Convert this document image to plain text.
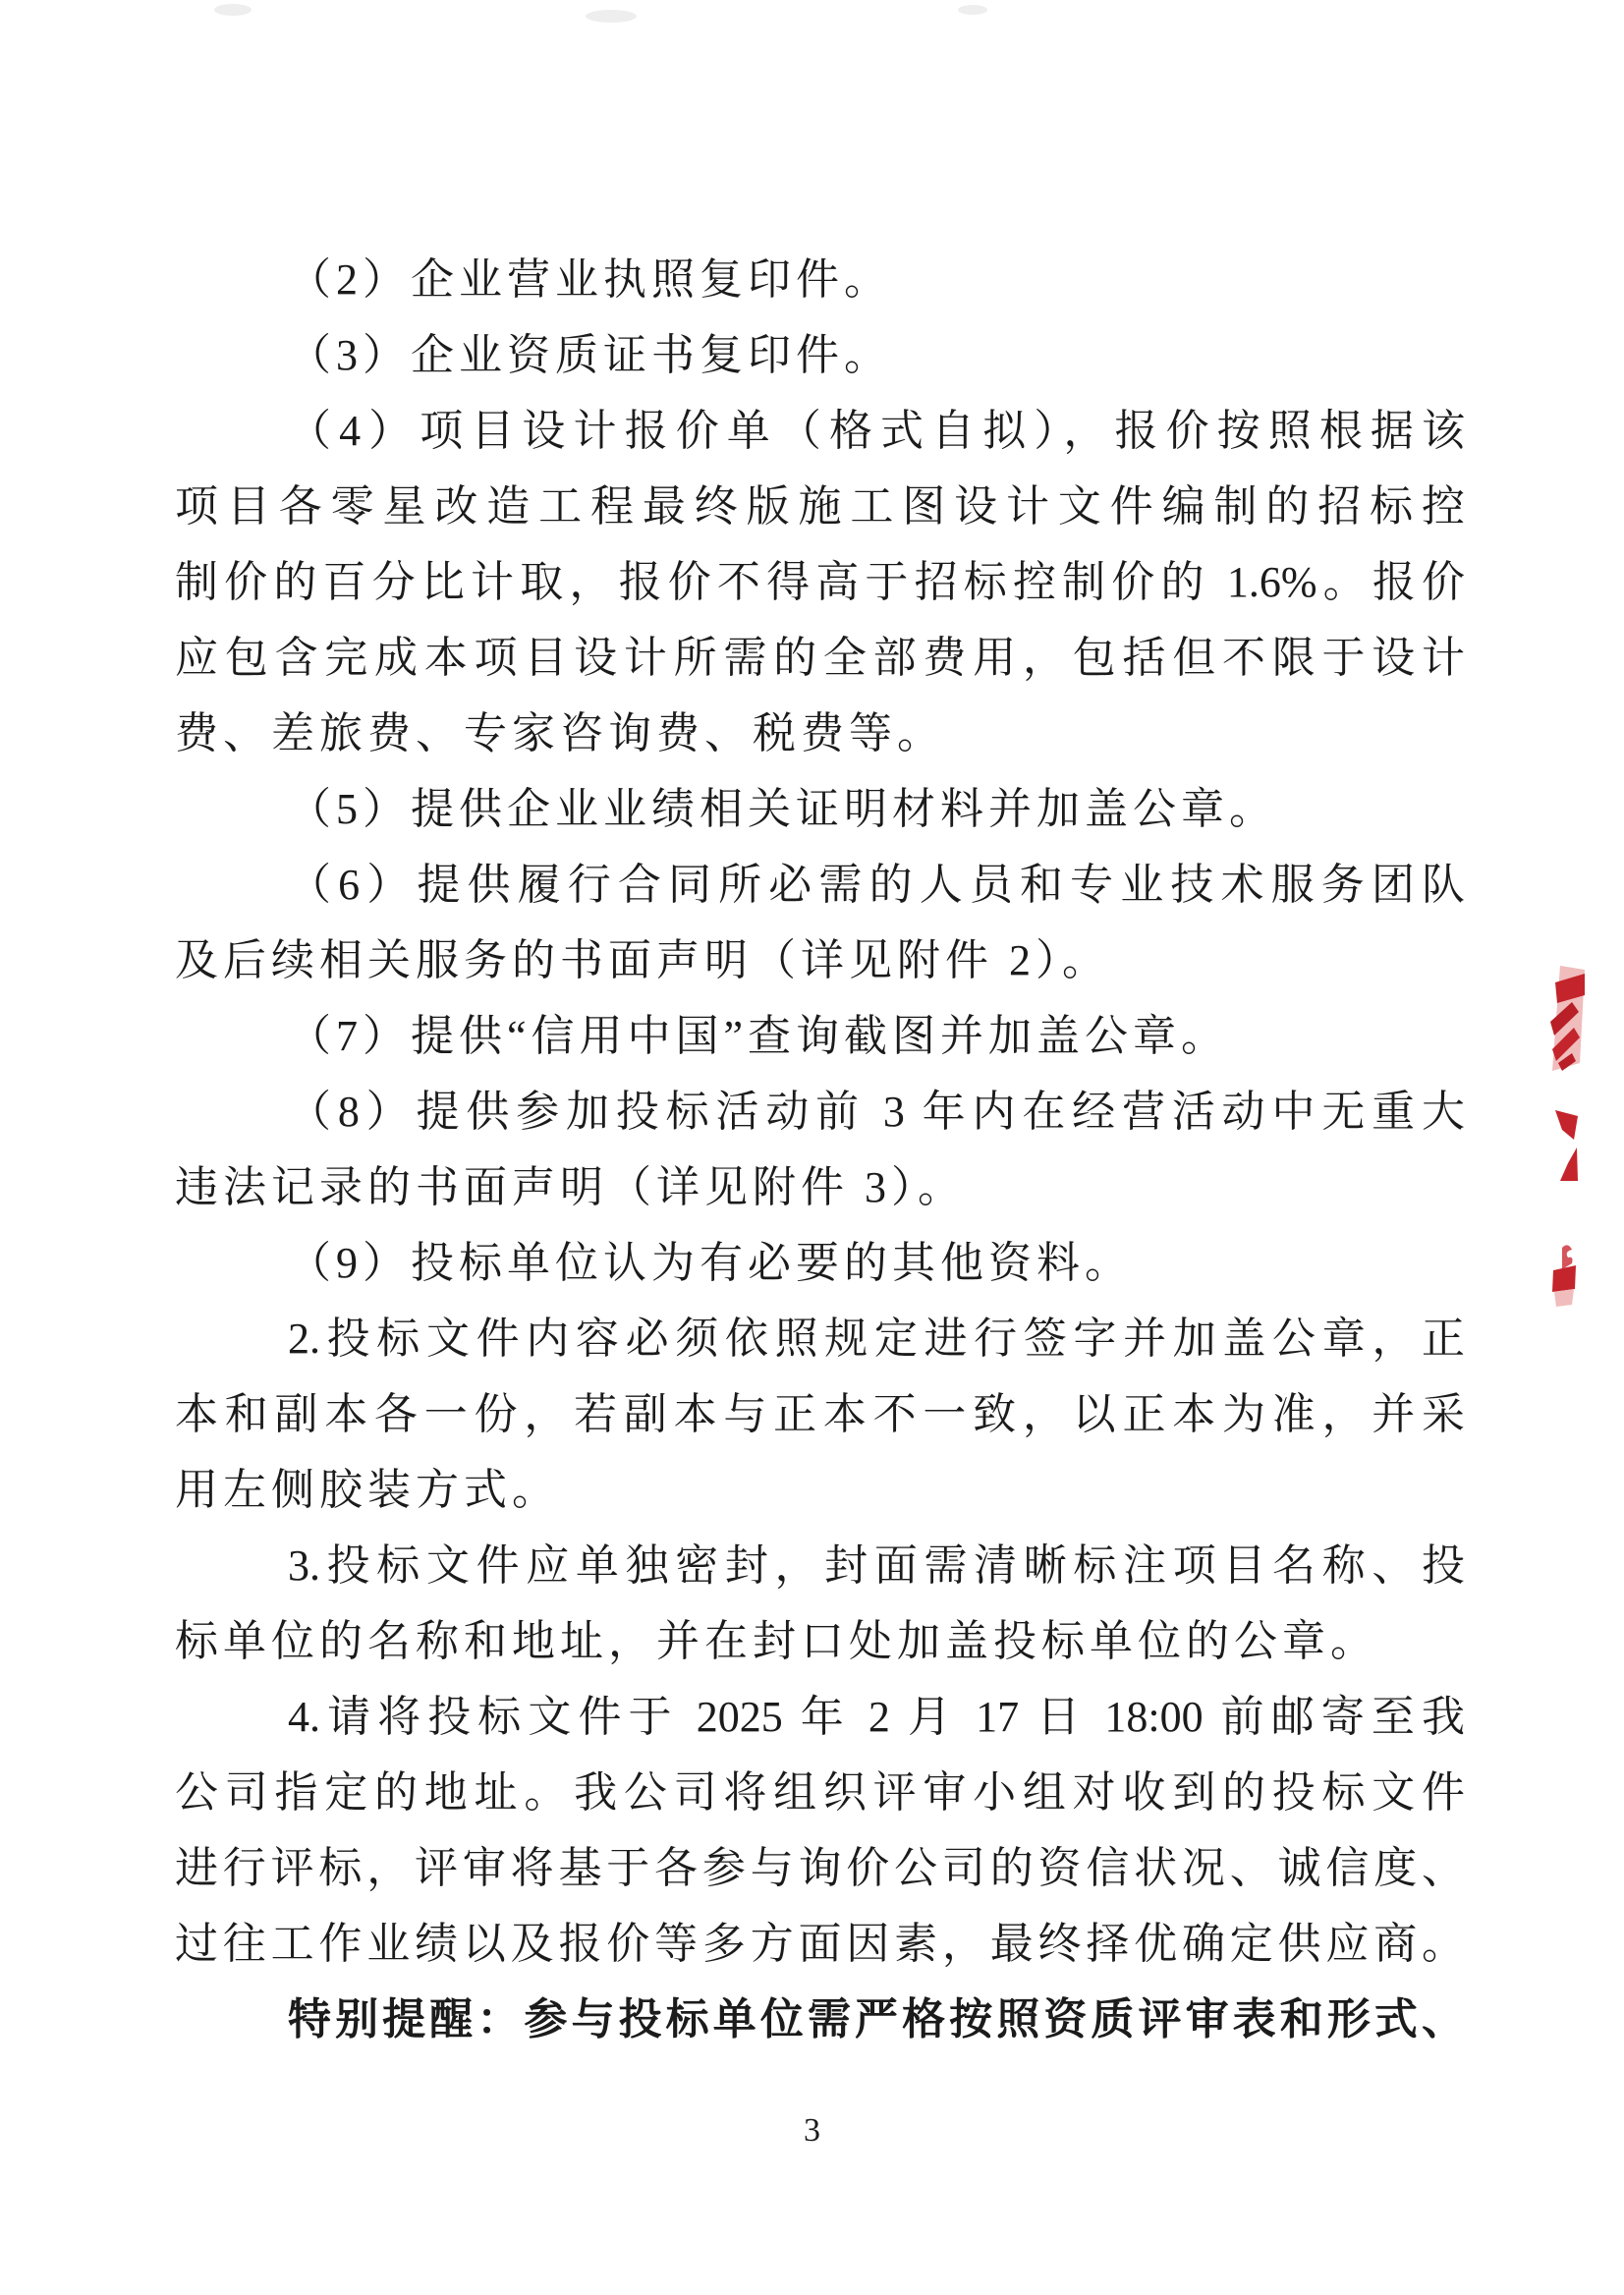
（2）企业营业执照复印件。
（3）企业资质证书复印件。
（4）项目设计报价单（格式自拟），报价按照根据该
项目各零星改造工程最终版施工图设计文件编制的招标控
制价的百分比计取，报价不得高于招标控制价的 1.6%。报价
应包含完成本项目设计所需的全部费用，包括但不限于设计
费、差旅费、专家咨询费、税费等。
（5）提供企业业绩相关证明材料并加盖公章。
（6）提供履行合同所必需的人员和专业技术服务团队
及后续相关服务的书面声明（详见附件 2）。
（7）提供“信用中国”查询截图并加盖公章。
（8）提供参加投标活动前 3 年内在经营活动中无重大
违法记录的书面声明（详见附件 3）。
（9）投标单位认为有必要的其他资料。
2.投标文件内容必须依照规定进行签字并加盖公章，正
本和副本各一份，若副本与正本不一致，以正本为准，并采
用左侧胶装方式。
3.投标文件应单独密封，封面需清晰标注项目名称、投
标单位的名称和地址，并在封口处加盖投标单位的公章。
4.请将投标文件于 2025 年 2 月 17 日 18:00 前邮寄至我
公司指定的地址。我公司将组织评审小组对收到的投标文件
进行评标，评审将基于各参与询价公司的资信状况、诚信度、
过往工作业绩以及报价等多方面因素，最终择优确定供应商。
特别提醒：参与投标单位需严格按照资质评审表和形式、
3
